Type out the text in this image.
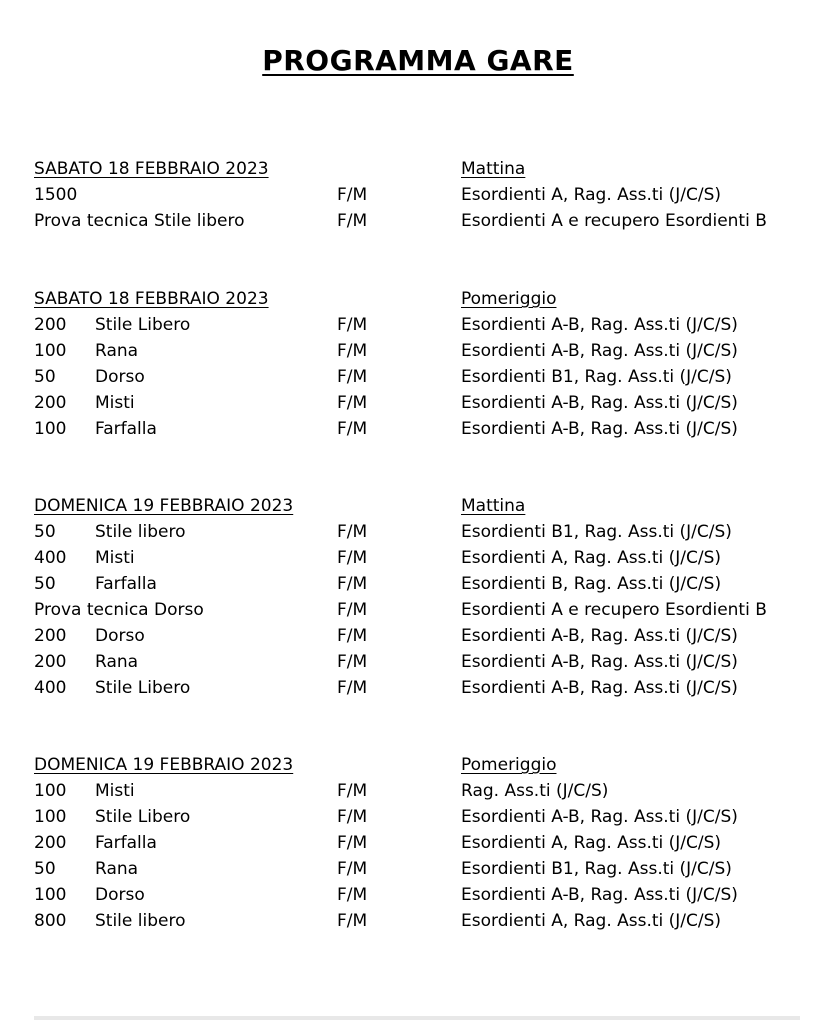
PROGRAMMA GARE
SABATO 18 FEBBRAIO 2023	Mattina
1500	F/M	Esordienti A, Rag. Ass.ti (J/C/S)
Prova tecnica Stile libero	F/M	Esordienti A e recupero Esordienti B
SABATO 18 FEBBRAIO 2023	Pomeriggio
200 Stile Libero	F/M	Esordienti A-B, Rag. Ass.ti (J/C/S)
100 Rana	F/M	Esordienti A-B, Rag. Ass.ti (J/C/S)
50 Dorso	F/M	Esordienti B1, Rag. Ass.ti (J/C/S)
200 Misti	F/M	Esordienti A-B, Rag. Ass.ti (J/C/S)
100 Farfalla	F/M	Esordienti A-B, Rag. Ass.ti (J/C/S)
DOMENICA 19 FEBBRAIO 2023	Mattina
50 Stile libero	F/M	Esordienti B1, Rag. Ass.ti (J/C/S)
400 Misti	F/M	Esordienti A, Rag. Ass.ti (J/C/S)
50 Farfalla	F/M	Esordienti B, Rag. Ass.ti (J/C/S)
Prova tecnica Dorso	F/M	Esordienti A e recupero Esordienti B
200 Dorso	F/M	Esordienti A-B, Rag. Ass.ti (J/C/S)
200 Rana	F/M	Esordienti A-B, Rag. Ass.ti (J/C/S)
400 Stile Libero	F/M	Esordienti A-B, Rag. Ass.ti (J/C/S)
DOMENICA 19 FEBBRAIO 2023	Pomeriggio
100 Misti	F/M	Rag. Ass.ti (J/C/S)
100 Stile Libero	F/M	Esordienti A-B, Rag. Ass.ti (J/C/S)
200 Farfalla	F/M	Esordienti A, Rag. Ass.ti (J/C/S)
50 Rana	F/M	Esordienti B1, Rag. Ass.ti (J/C/S)
100 Dorso	F/M	Esordienti A-B, Rag. Ass.ti (J/C/S)
800 Stile libero	F/M	Esordienti A, Rag. Ass.ti (J/C/S)
